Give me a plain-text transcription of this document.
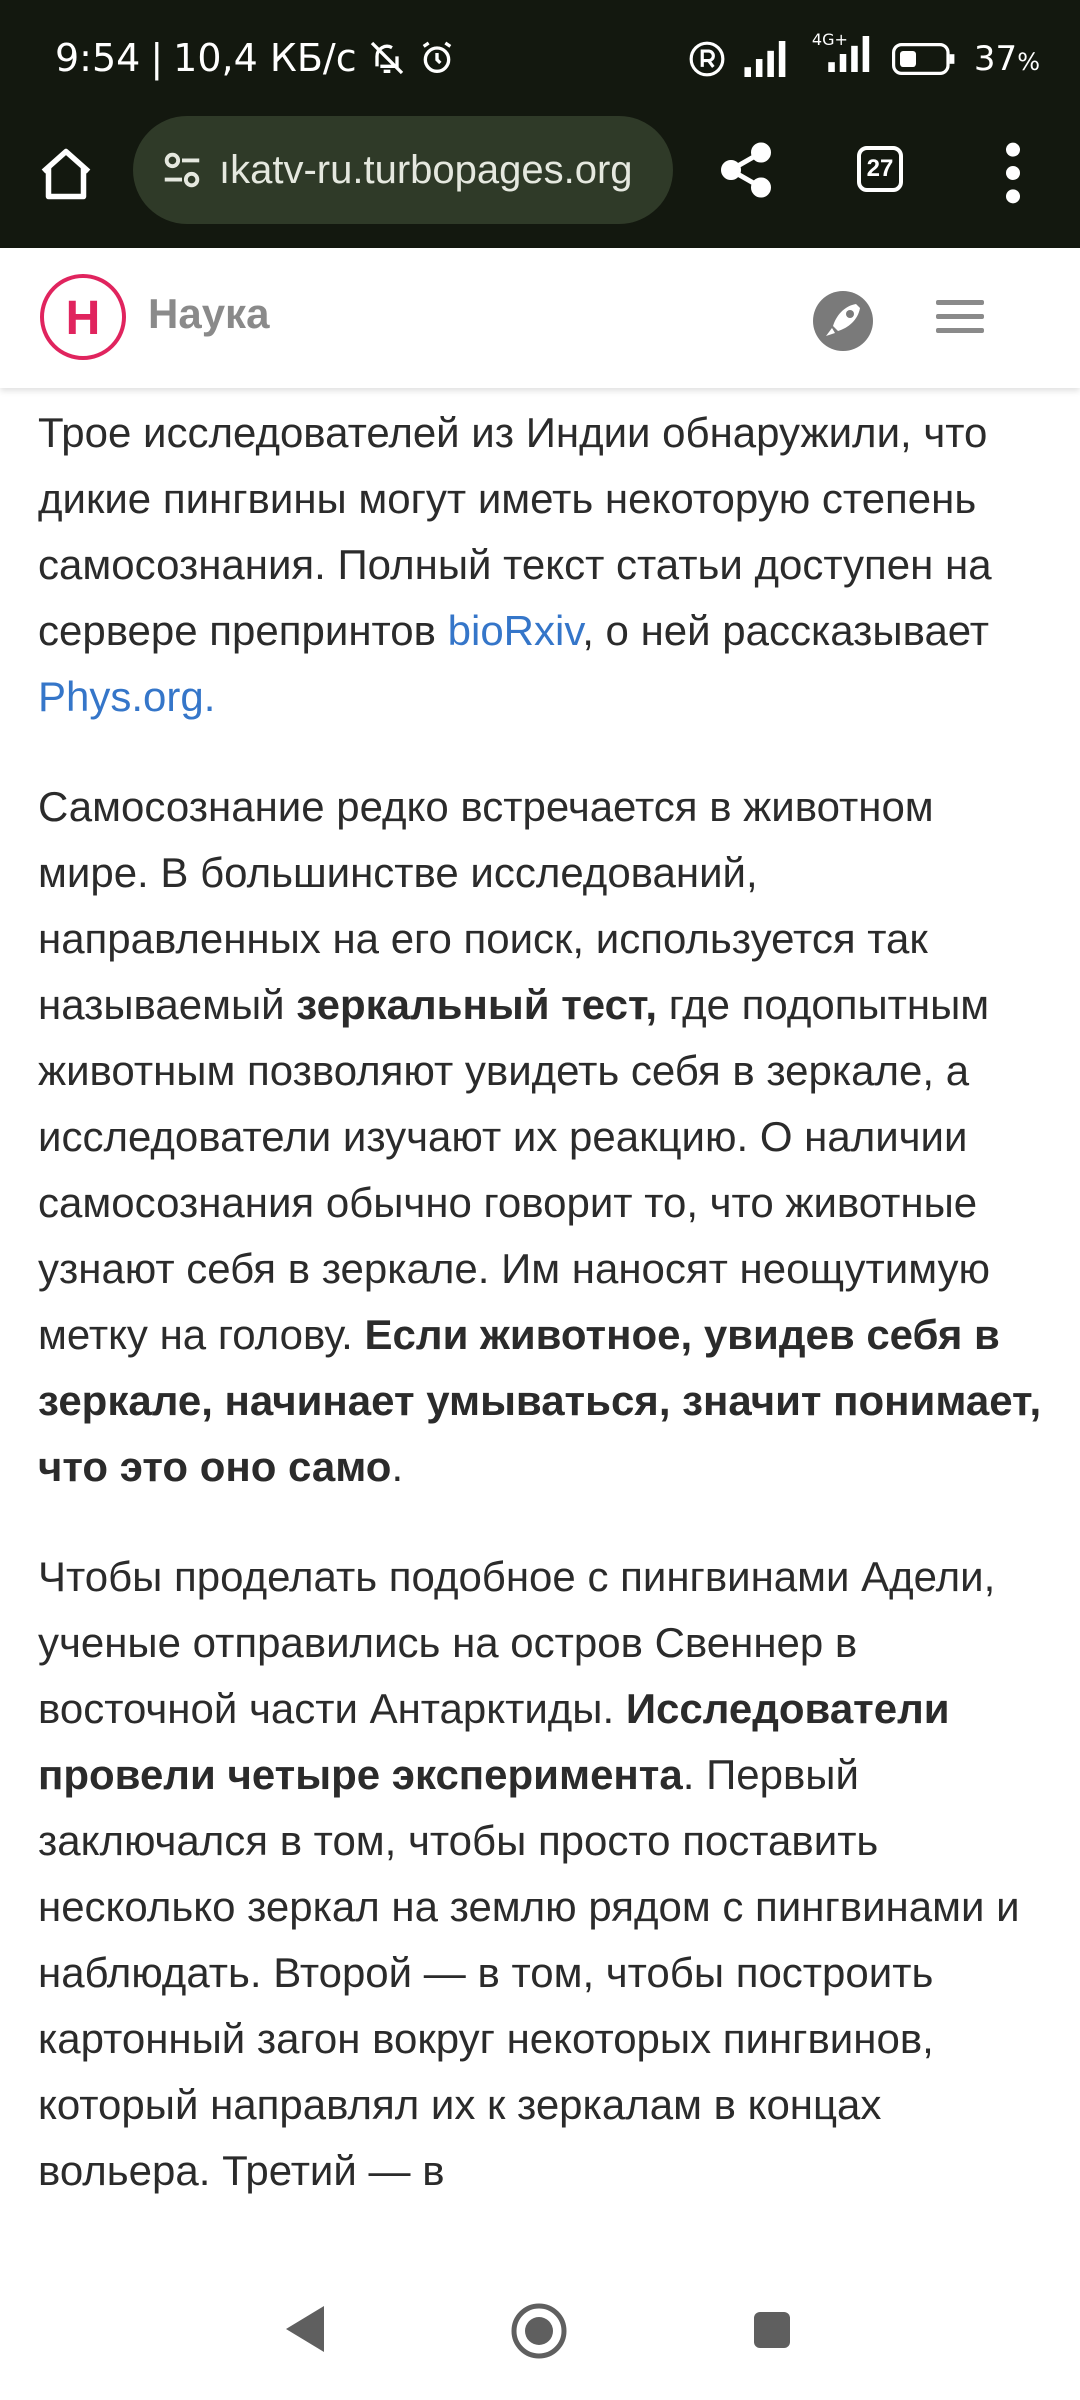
9:54 | 10,4 КБ/с	4G+	37%
ıkatv-ru.turbopages.org	27
Н Наука

Трое исследователей из Индии обнаружили, что дикие пингвины могут иметь некоторую степень самосознания. Полный текст статьи доступен на сервере препринтов bioRxiv, о ней рассказывает Phys.org.

Самосознание редко встречается в животном мире. В большинстве исследований, направленных на его поиск, используется так называемый зеркальный тест, где подопытным животным позволяют увидеть себя в зеркале, а исследователи изучают их реакцию. О наличии самосознания обычно говорит то, что животные узнают себя в зеркале. Им наносят неощутимую метку на голову. Если животное, увидев себя в зеркале, начинает умываться, значит понимает, что это оно само.

Чтобы проделать подобное с пингвинами Адели, ученые отправились на остров Свеннер в восточной части Антарктиды. Исследователи провели четыре эксперимента. Первый заключался в том, чтобы просто поставить несколько зеркал на землю рядом с пингвинами и наблюдать. Второй — в том, чтобы построить картонный загон вокруг некоторых пингвинов, который направлял их к зеркалам в концах вольера. Третий — в
